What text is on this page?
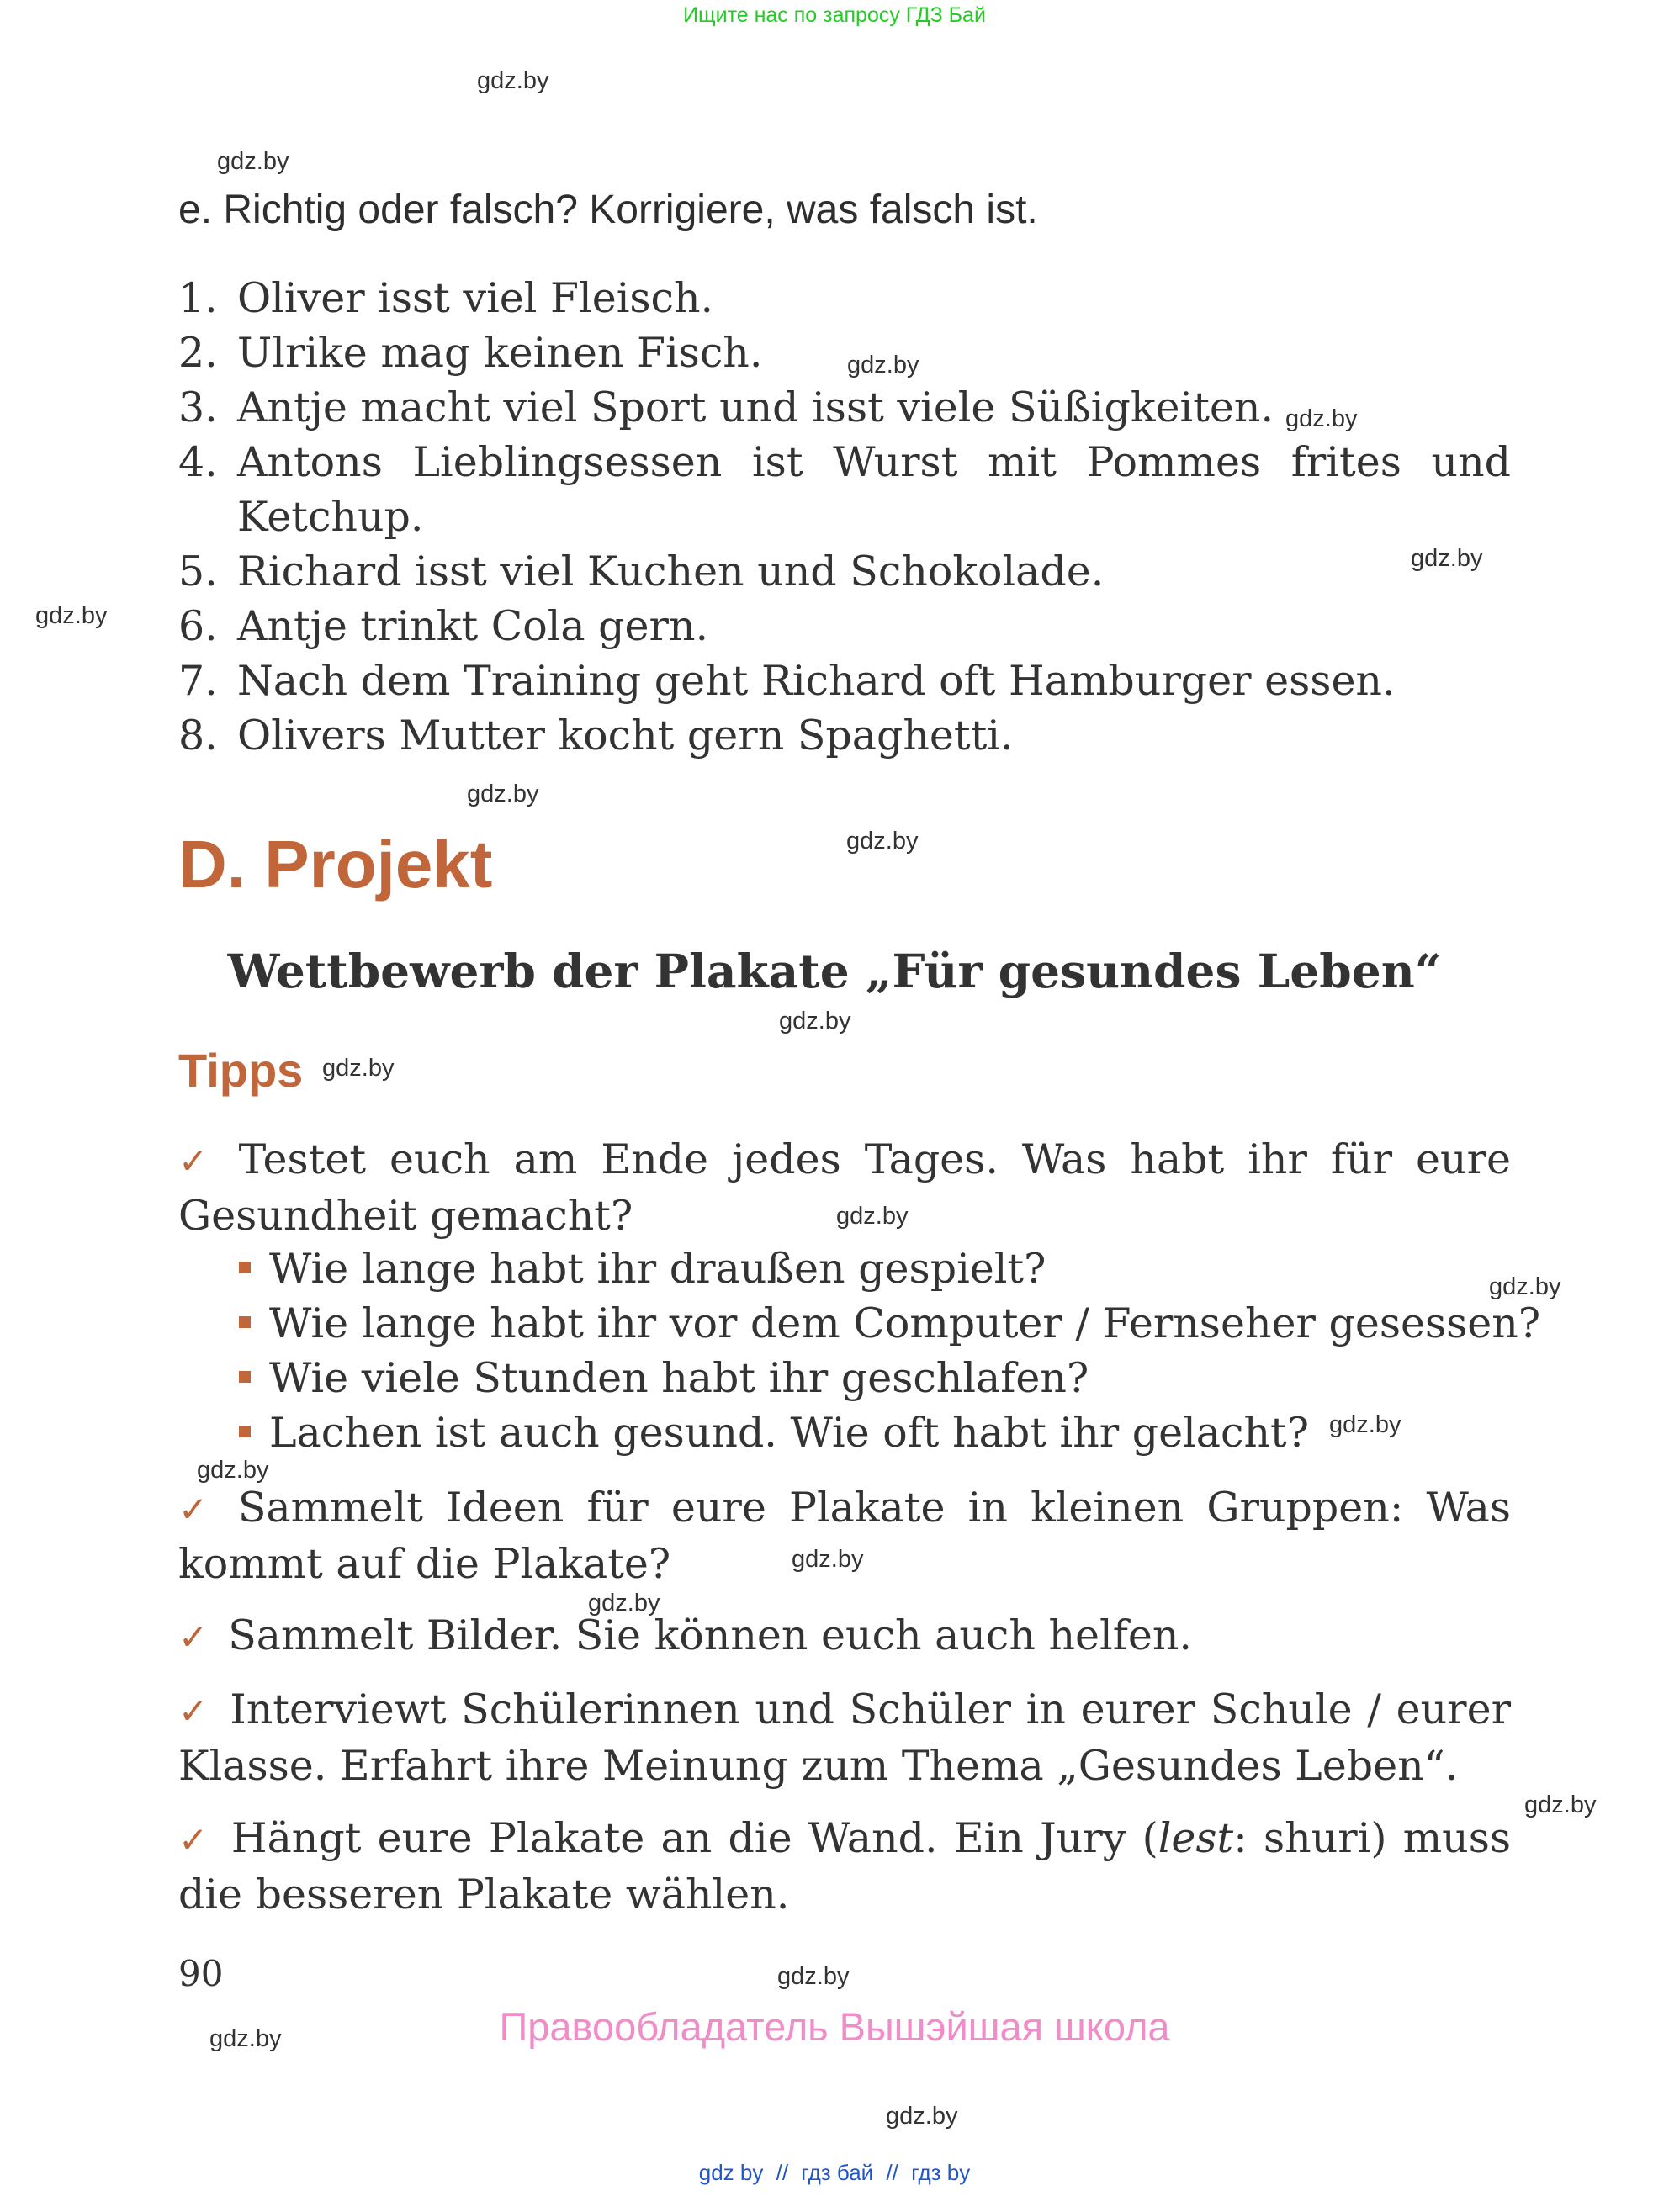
Ищите нас по запросу ГДЗ Бай
gdz.by
gdz.by
gdz.by
gdz.by
gdz.by
gdz.by
gdz.by
gdz.by
gdz.by
gdz.by
gdz.by
gdz.by
gdz.by
gdz.by
gdz.by
gdz.by
gdz.by
gdz.by
gdz.by
gdz.by
e. Richtig oder falsch? Korrigiere, was falsch ist.
1. Oliver isst viel Fleisch.
2. Ulrike mag keinen Fisch.
3. Antje macht viel Sport und isst viele Süßigkeiten.
4. Antons Lieblingsessen ist Wurst mit Pommes frites und Ketchup.
5. Richard isst viel Kuchen und Schokolade.
6. Antje trinkt Cola gern.
7. Nach dem Training geht Richard oft Hamburger essen.
8. Olivers Mutter kocht gern Spaghetti.
D. Projekt
Wettbewerb der Plakate „Für gesundes Leben“
Tipps
✓ Testet euch am Ende jedes Tages. Was habt ihr für eure Gesundheit gemacht?
Wie lange habt ihr draußen gespielt?
Wie lange habt ihr vor dem Computer / Fernseher gesessen?
Wie viele Stunden habt ihr geschlafen?
Lachen ist auch gesund. Wie oft habt ihr gelacht?
✓ Sammelt Ideen für eure Plakate in kleinen Gruppen: Was kommt auf die Plakate?
✓ Sammelt Bilder. Sie können euch auch helfen.
✓ Interviewt Schülerinnen und Schüler in eurer Schule / eurer Klasse. Erfahrt ihre Meinung zum Thema „Gesundes Leben“.
✓ Hängt eure Plakate an die Wand. Ein Jury (lest: shuri) muss die besseren Plakate wählen.
90
Правообладатель Вышэйшая школа
gdz by // гдз бай // гдз by
